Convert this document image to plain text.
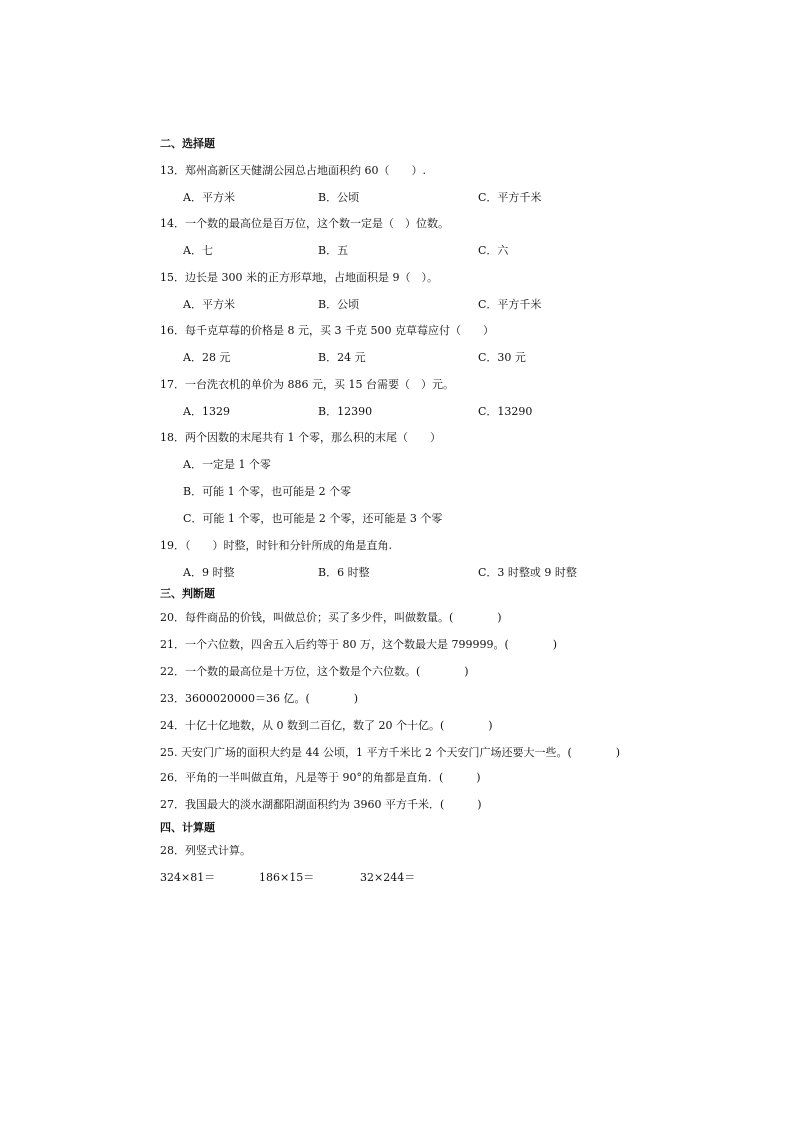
二、选择题
13．郑州高新区天健湖公园总占地面积约 60（　　）.
A．平方米	B．公顷	C．平方千米
14．一个数的最高位是百万位，这个数一定是（　）位数。
A．七	B．五	C．六
15．边长是 300 米的正方形草地，占地面积是 9（　）。
A．平方米	B．公顷	C．平方千米
16．每千克草莓的价格是 8 元，买 3 千克 500 克草莓应付（　　）
A．28 元	B．24 元	C．30 元
17．一台洗衣机的单价为 886 元，买 15 台需要（　）元。
A．1329	B．12390	C．13290
18．两个因数的末尾共有 1 个零，那么积的末尾（　　）
A．一定是 1 个零
B．可能 1 个零，也可能是 2 个零
C．可能 1 个零，也可能是 2 个零，还可能是 3 个零
19．（　　）时整，时针和分针所成的角是直角.
A．9 时整	B．6 时整	C．3 时整或 9 时整
三、判断题
20．每件商品的价钱，叫做总价；买了多少件，叫做数量。(　　　　)
21．一个六位数，四舍五入后约等于 80 万，这个数最大是 799999。(　　　　)
22．一个数的最高位是十万位，这个数是个六位数。(　　　　)
23．3600020000＝36 亿。(　　　　)
24．十亿十亿地数，从 0 数到二百亿，数了 20 个十亿。(　　　　)
25. 天安门广场的面积大约是 44 公顷，1 平方千米比 2 个天安门广场还要大一些。(　　　　)
26．平角的一半叫做直角，凡是等于 90°的角都是直角．(　　　)
27．我国最大的淡水湖鄱阳湖面积约为 3960 平方千米．(　　　)
四、计算题
28．列竖式计算。
324×81＝	186×15＝	32×244＝
